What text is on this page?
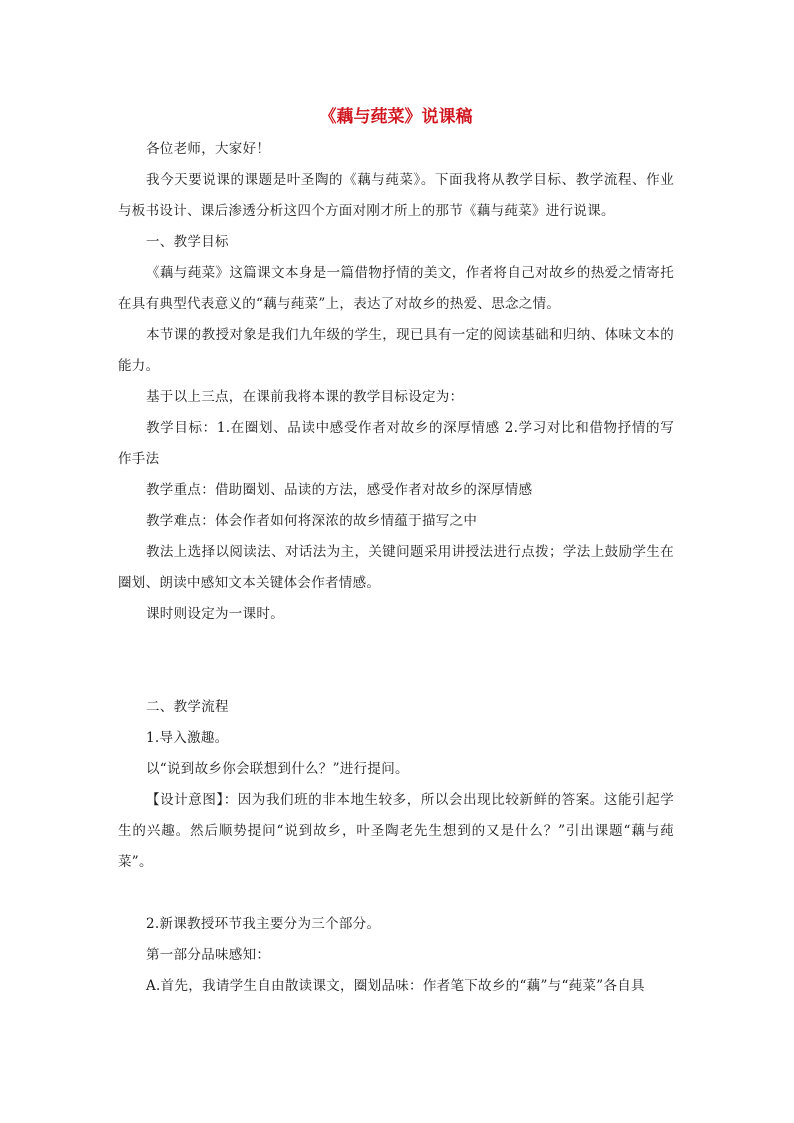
《藕与莼菜》说课稿

各位老师，大家好！

我今天要说课的课题是叶圣陶的《藕与莼菜》。下面我将从教学目标、教学流程、作业与板书设计、课后渗透分析这四个方面对刚才所上的那节《藕与莼菜》进行说课。

一、教学目标

《藕与莼菜》这篇课文本身是一篇借物抒情的美文，作者将自己对故乡的热爱之情寄托在具有典型代表意义的“藕与莼菜”上，表达了对故乡的热爱、思念之情。

本节课的教授对象是我们九年级的学生，现已具有一定的阅读基础和归纳、体味文本的能力。

基于以上三点，在课前我将本课的教学目标设定为：

教学目标：1.在圈划、品读中感受作者对故乡的深厚情感 2.学习对比和借物抒情的写作手法

教学重点：借助圈划、品读的方法，感受作者对故乡的深厚情感

教学难点：体会作者如何将深浓的故乡情蕴于描写之中

教法上选择以阅读法、对话法为主，关键问题采用讲授法进行点拨；学法上鼓励学生在圈划、朗读中感知文本关键体会作者情感。

课时则设定为一课时。

二、教学流程

1.导入激趣。

以“说到故乡你会联想到什么？”进行提问。

【设计意图】：因为我们班的非本地生较多，所以会出现比较新鲜的答案。这能引起学生的兴趣。然后顺势提问“说到故乡，叶圣陶老先生想到的又是什么？”引出课题“藕与莼菜”。

2.新课教授环节我主要分为三个部分。

第一部分品味感知：

A.首先，我请学生自由散读课文，圈划品味：作者笔下故乡的“藕”与“莼菜”各自具
